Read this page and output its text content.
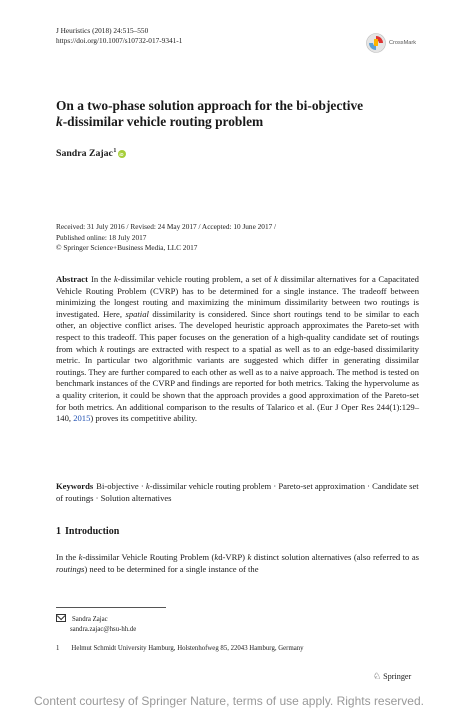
J Heuristics (2018) 24:515–550
https://doi.org/10.1007/s10732-017-9341-1	CrossMark
On a two-phase solution approach for the bi-objective
k-dissimilar vehicle routing problem
Sandra Zajac$^1$
iD
Received: 31 July 2016 / Revised: 24 May 2017 / Accepted: 10 June 2017 /
Published online: 18 July 2017
© Springer Science+Business Media, LLC 2017
Abstract In the k-dissimilar vehicle routing problem, a set of k dissimilar alternatives for a Capacitated Vehicle Routing Problem (CVRP) has to be determined for a single instance. The tradeoff between minimizing the longest routing and maximizing the minimum dissimilarity between two routings is investigated. Here, spatial dissimilarity is considered. Since short routings tend to be similar to each other, an objective conflict arises. The developed heuristic approach approximates the Pareto-set with respect to this tradeoff. This paper focuses on the generation of a high-quality candidate set of routings from which k routings are extracted with respect to a spatial as well as to an edge-based dissimilarity metric. In particular two algorithmic variants are suggested which differ in generating dissimilar routings. They are further compared to each other as well as to a naive approach. The method is tested on benchmark instances of the CVRP and findings are reported for both metrics. Taking the hypervolume as a quality criterion, it could be shown that the approach provides a good approximation of the Pareto-set for both metrics. An additional comparison to the results of Talarico et al. (Eur J Oper Res 244(1):129–140, 2015) proves its competitive ability.
Keywords Bi-objective · k-dissimilar vehicle routing problem · Pareto-set approximation · Candidate set of routings · Solution alternatives
1 Introduction
In the k-dissimilar Vehicle Routing Problem (kd-VRP) k distinct solution alternatives (also referred to as routings) need to be determined for a single instance of the
Sandra Zajac
sandra.zajac@hsu-hh.de
1 Helmut Schmidt University Hamburg, Holstenhofweg 85, 22043 Hamburg, Germany
♘ Springer
Content courtesy of Springer Nature, terms of use apply. Rights reserved.
